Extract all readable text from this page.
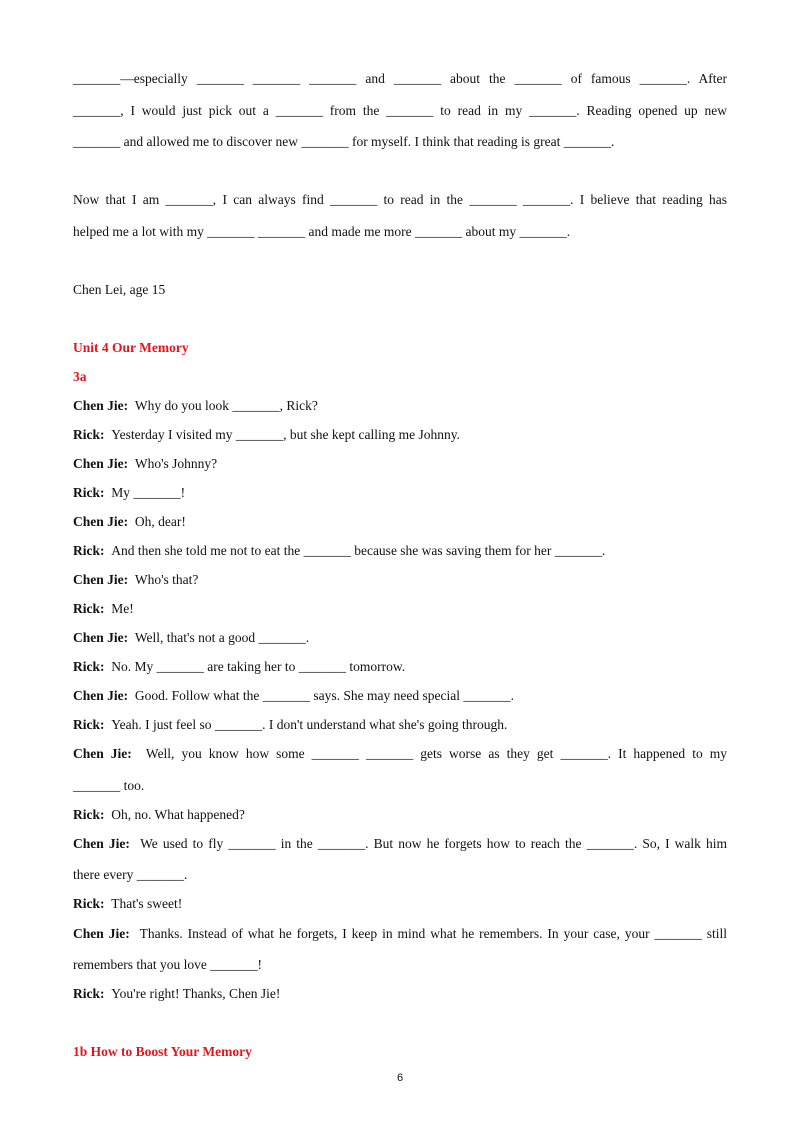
_______—especially _______ _______ _______ and _______ about the _______ of famous _______. After
_______, I would just pick out a _______ from the _______ to read in my _______. Reading opened up new
_______ and allowed me to discover new _______ for myself. I think that reading is great _______.
Now that I am _______, I can always find _______ to read in the _______ _______. I believe that reading has
helped me a lot with my _______ _______ and made me more _______ about my _______.
Chen Lei, age 15
Unit 4 Our Memory
3a
Chen Jie: Why do you look _______, Rick?
Rick: Yesterday I visited my _______, but she kept calling me Johnny.
Chen Jie: Who's Johnny?
Rick: My _______!
Chen Jie: Oh, dear!
Rick: And then she told me not to eat the _______ because she was saving them for her _______.
Chen Jie: Who's that?
Rick: Me!
Chen Jie: Well, that's not a good _______.
Rick: No. My _______ are taking her to _______ tomorrow.
Chen Jie: Good. Follow what the _______ says. She may need special _______.
Rick: Yeah. I just feel so _______. I don't understand what she's going through.
Chen Jie: Well, you know how some _______ _______ gets worse as they get _______. It happened to my
_______ too.
Rick: Oh, no. What happened?
Chen Jie: We used to fly _______ in the _______. But now he forgets how to reach the _______. So, I walk him
there every _______.
Rick: That's sweet!
Chen Jie: Thanks. Instead of what he forgets, I keep in mind what he remembers. In your case, your _______ still
remembers that you love _______!
Rick: You're right! Thanks, Chen Jie!
1b How to Boost Your Memory
6
